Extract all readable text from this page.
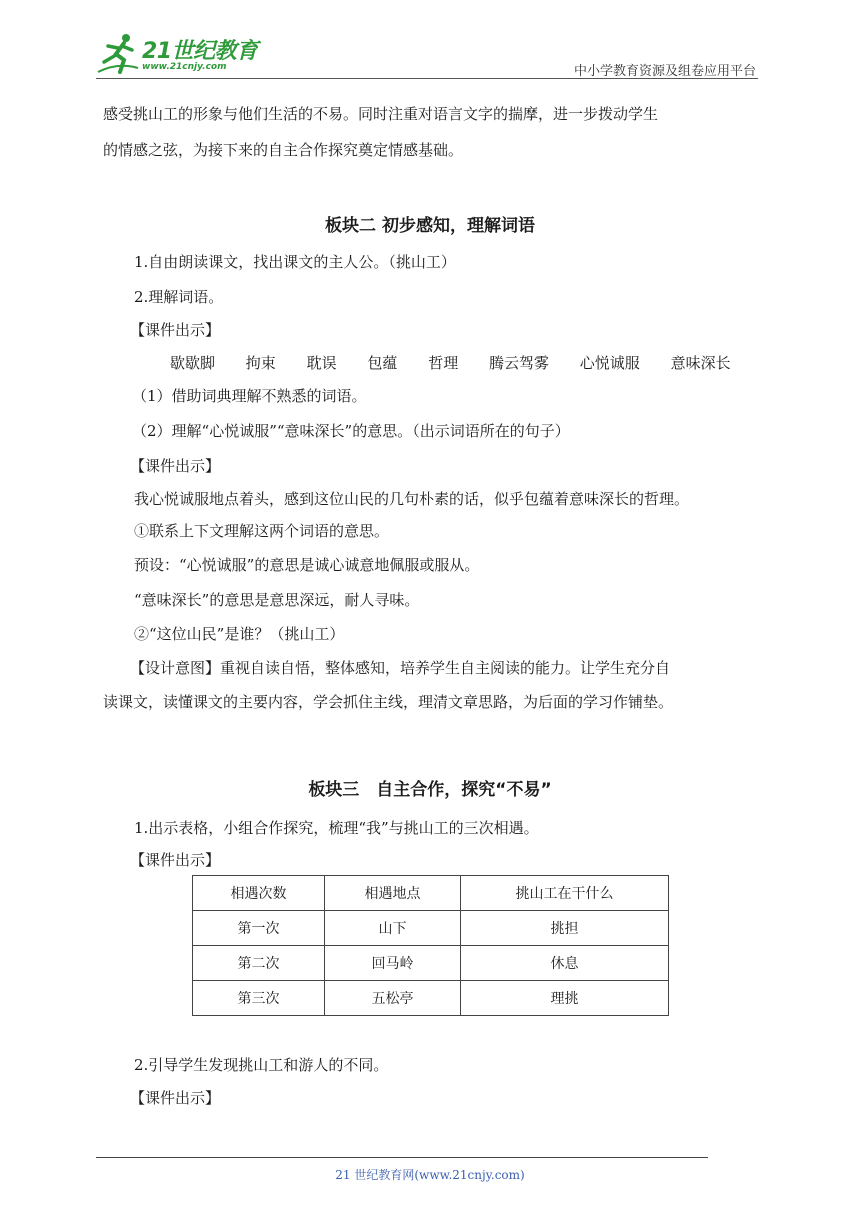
21世纪教育
www.21cnjy.com	中小学教育资源及组卷应用平台
感受挑山工的形象与他们生活的不易。同时注重对语言文字的揣摩，进一步拨动学生
的情感之弦，为接下来的自主合作探究奠定情感基础。
板块二 初步感知，理解词语
1.自由朗读课文，找出课文的主人公。（挑山工）
2.理解词语。
【课件出示】
歇歇脚 拘束 耽误 包蕴 哲理 腾云驾雾 心悦诚服 意味深长
（1）借助词典理解不熟悉的词语。
（2）理解“心悦诚服”“意味深长”的意思。（出示词语所在的句子）
【课件出示】
我心悦诚服地点着头，感到这位山民的几句朴素的话，似乎包蕴着意味深长的哲理。
①联系上下文理解这两个词语的意思。
预设：“心悦诚服”的意思是诚心诚意地佩服或服从。
“意味深长”的意思是意思深远，耐人寻味。
②“这位山民”是谁？（挑山工）
【设计意图】重视自读自悟，整体感知，培养学生自主阅读的能力。让学生充分自
读课文，读懂课文的主要内容，学会抓住主线，理清文章思路，为后面的学习作铺垫。
板块三　自主合作，探究“不易”
1.出示表格，小组合作探究，梳理“我”与挑山工的三次相遇。
【课件出示】
相遇次数	相遇地点	挑山工在干什么
第一次	山下	挑担
第二次	回马岭	休息
第三次	五松亭	理挑
2.引导学生发现挑山工和游人的不同。
【课件出示】
21 世纪教育网(www.21cnjy.com)
